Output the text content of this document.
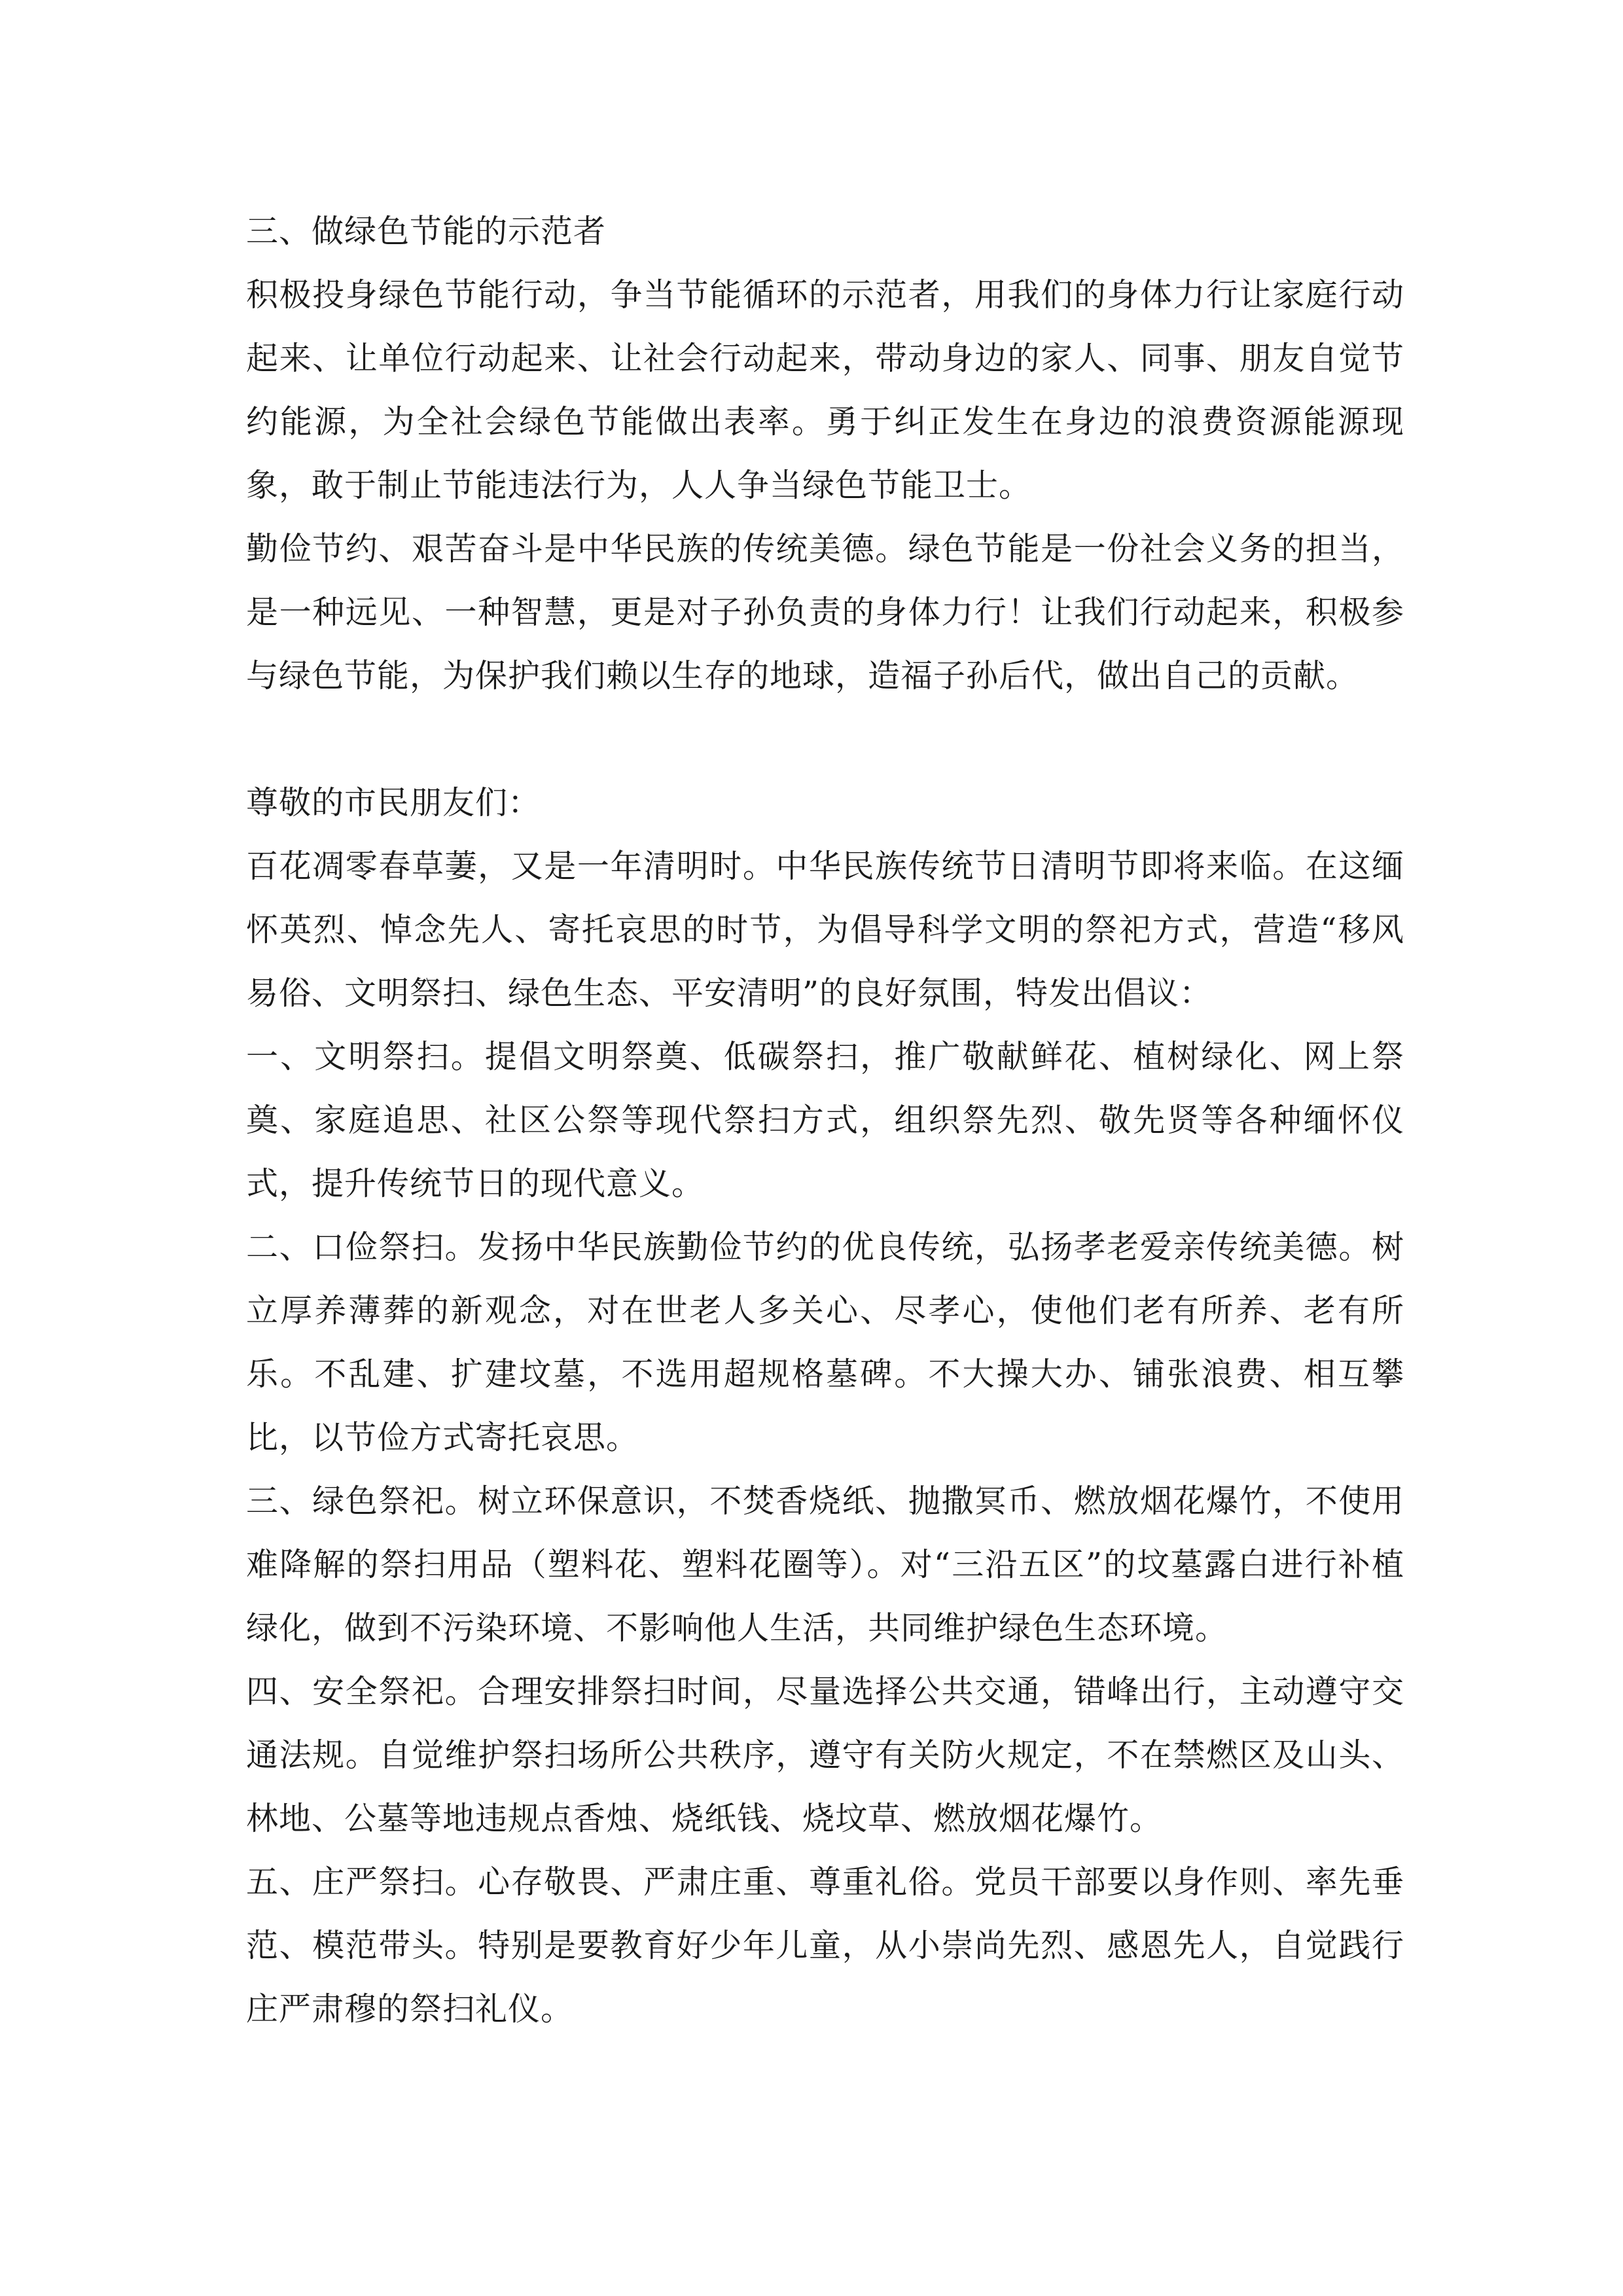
三、做绿色节能的示范者

积极投身绿色节能行动，争当节能循环的示范者，用我们的身体力行让家庭行动起来、让单位行动起来、让社会行动起来，带动身边的家人、同事、朋友自觉节约能源，为全社会绿色节能做出表率。勇于纠正发生在身边的浪费资源能源现象，敢于制止节能违法行为，人人争当绿色节能卫士。

勤俭节约、艰苦奋斗是中华民族的传统美德。绿色节能是一份社会义务的担当，是一种远见、一种智慧，更是对子孙负责的身体力行！让我们行动起来，积极参与绿色节能，为保护我们赖以生存的地球，造福子孙后代，做出自己的贡献。

尊敬的市民朋友们：

百花凋零春草萋，又是一年清明时。中华民族传统节日清明节即将来临。在这缅怀英烈、悼念先人、寄托哀思的时节，为倡导科学文明的祭祀方式，营造“移风易俗、文明祭扫、绿色生态、平安清明”的良好氛围，特发出倡议：

一、文明祭扫。提倡文明祭奠、低碳祭扫，推广敬献鲜花、植树绿化、网上祭奠、家庭追思、社区公祭等现代祭扫方式，组织祭先烈、敬先贤等各种缅怀仪式，提升传统节日的现代意义。

二、口俭祭扫。发扬中华民族勤俭节约的优良传统，弘扬孝老爱亲传统美德。树立厚养薄葬的新观念，对在世老人多关心、尽孝心，使他们老有所养、老有所乐。不乱建、扩建坟墓，不选用超规格墓碑。不大操大办、铺张浪费、相互攀比，以节俭方式寄托哀思。

三、绿色祭祀。树立环保意识，不焚香烧纸、抛撒冥币、燃放烟花爆竹，不使用难降解的祭扫用品（塑料花、塑料花圈等）。对“三沿五区”的坟墓露白进行补植绿化，做到不污染环境、不影响他人生活，共同维护绿色生态环境。

四、安全祭祀。合理安排祭扫时间，尽量选择公共交通，错峰出行，主动遵守交通法规。自觉维护祭扫场所公共秩序，遵守有关防火规定，不在禁燃区及山头、林地、公墓等地违规点香烛、烧纸钱、烧坟草、燃放烟花爆竹。

五、庄严祭扫。心存敬畏、严肃庄重、尊重礼俗。党员干部要以身作则、率先垂范、模范带头。特别是要教育好少年儿童，从小崇尚先烈、感恩先人，自觉践行庄严肃穆的祭扫礼仪。
